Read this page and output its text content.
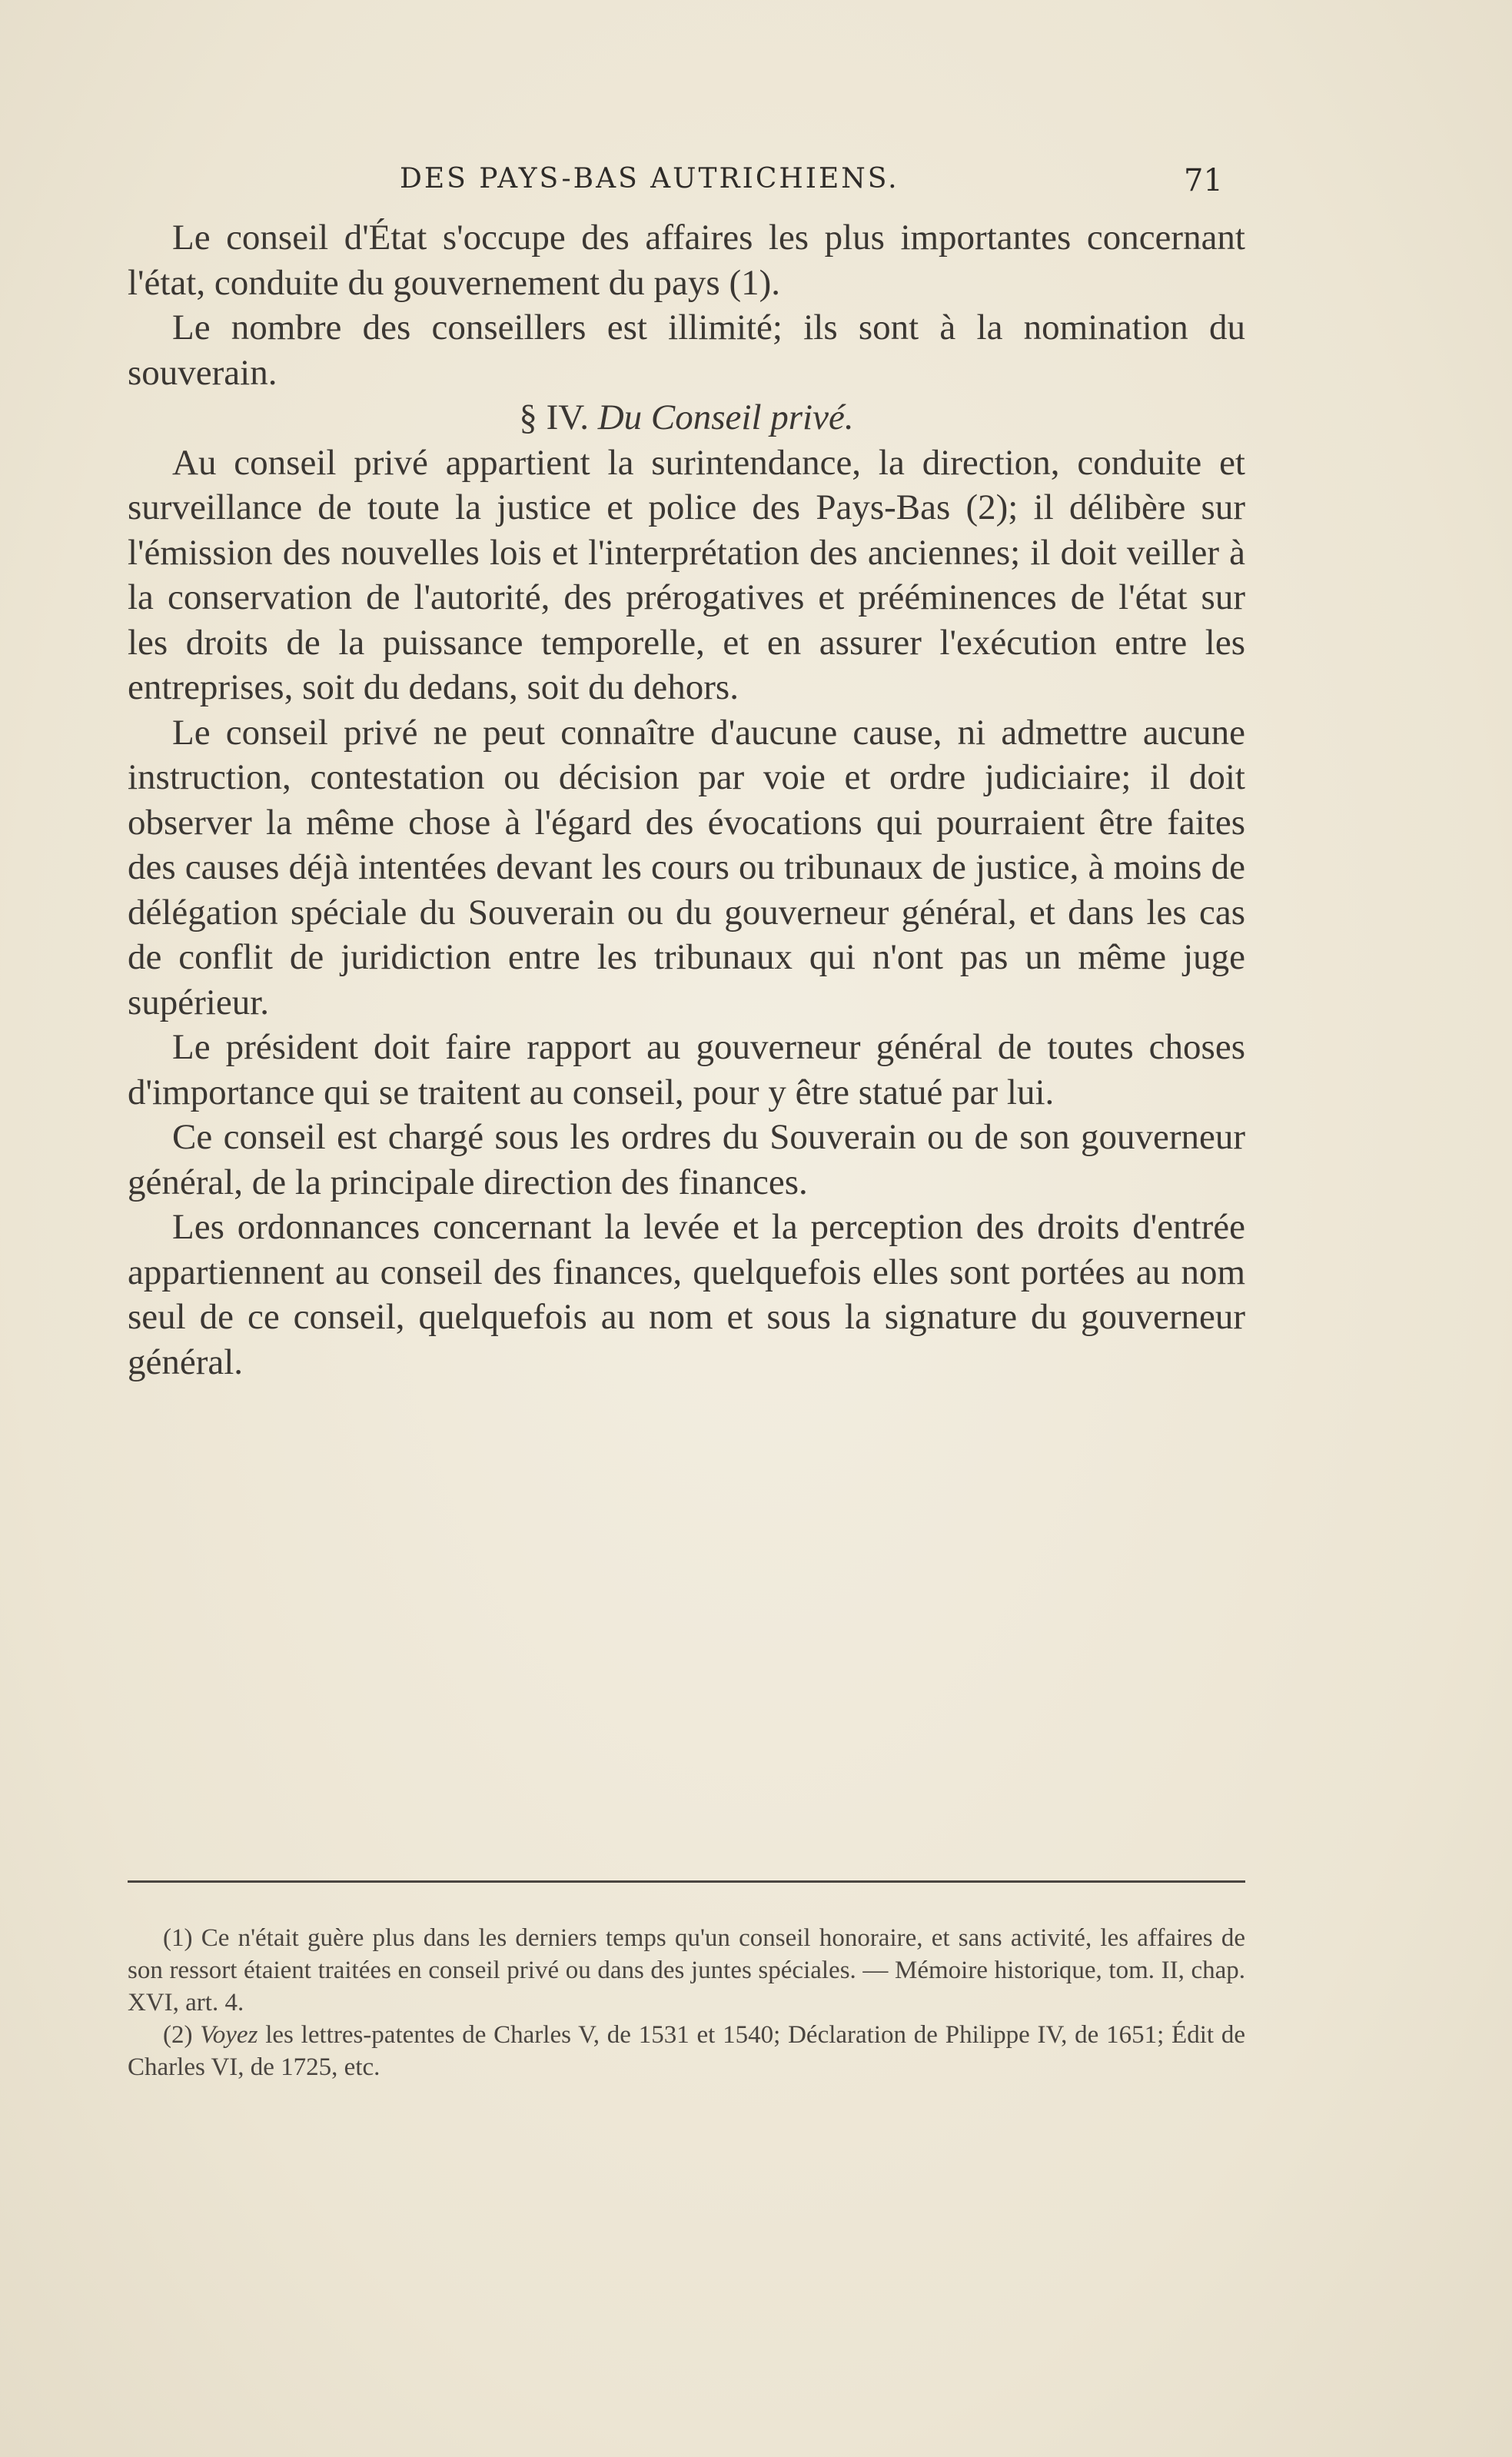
DES PAYS-BAS AUTRICHIENS.	71

Le conseil d'État s'occupe des affaires les plus importantes concernant l'état, conduite du gouvernement du pays (1).

Le nombre des conseillers est illimité; ils sont à la nomination du souverain.

§ IV. Du Conseil privé.

Au conseil privé appartient la surintendance, la direction, conduite et surveillance de toute la justice et police des Pays-Bas (2); il délibère sur l'émission des nouvelles lois et l'interprétation des anciennes; il doit veiller à la conservation de l'autorité, des prérogatives et prééminences de l'état sur les droits de la puissance temporelle, et en assurer l'exécution entre les entreprises, soit du dedans, soit du dehors.

Le conseil privé ne peut connaître d'aucune cause, ni admettre aucune instruction, contestation ou décision par voie et ordre judiciaire; il doit observer la même chose à l'égard des évocations qui pourraient être faites des causes déjà intentées devant les cours ou tribunaux de justice, à moins de délégation spéciale du Souverain ou du gouverneur général, et dans les cas de conflit de juridiction entre les tribunaux qui n'ont pas un même juge supérieur.

Le président doit faire rapport au gouverneur général de toutes choses d'importance qui se traitent au conseil, pour y être statué par lui.

Ce conseil est chargé sous les ordres du Souverain ou de son gouverneur général, de la principale direction des finances.

Les ordonnances concernant la levée et la perception des droits d'entrée appartiennent au conseil des finances, quelquefois elles sont portées au nom seul de ce conseil, quelquefois au nom et sous la signature du gouverneur général.

(1) Ce n'était guère plus dans les derniers temps qu'un conseil honoraire, et sans activité, les affaires de son ressort étaient traitées en conseil privé ou dans des juntes spéciales. — Mémoire historique, tom. II, chap. XVI, art. 4.

(2) Voyez les lettres-patentes de Charles V, de 1531 et 1540; Déclaration de Philippe IV, de 1651; Édit de Charles VI, de 1725, etc.
